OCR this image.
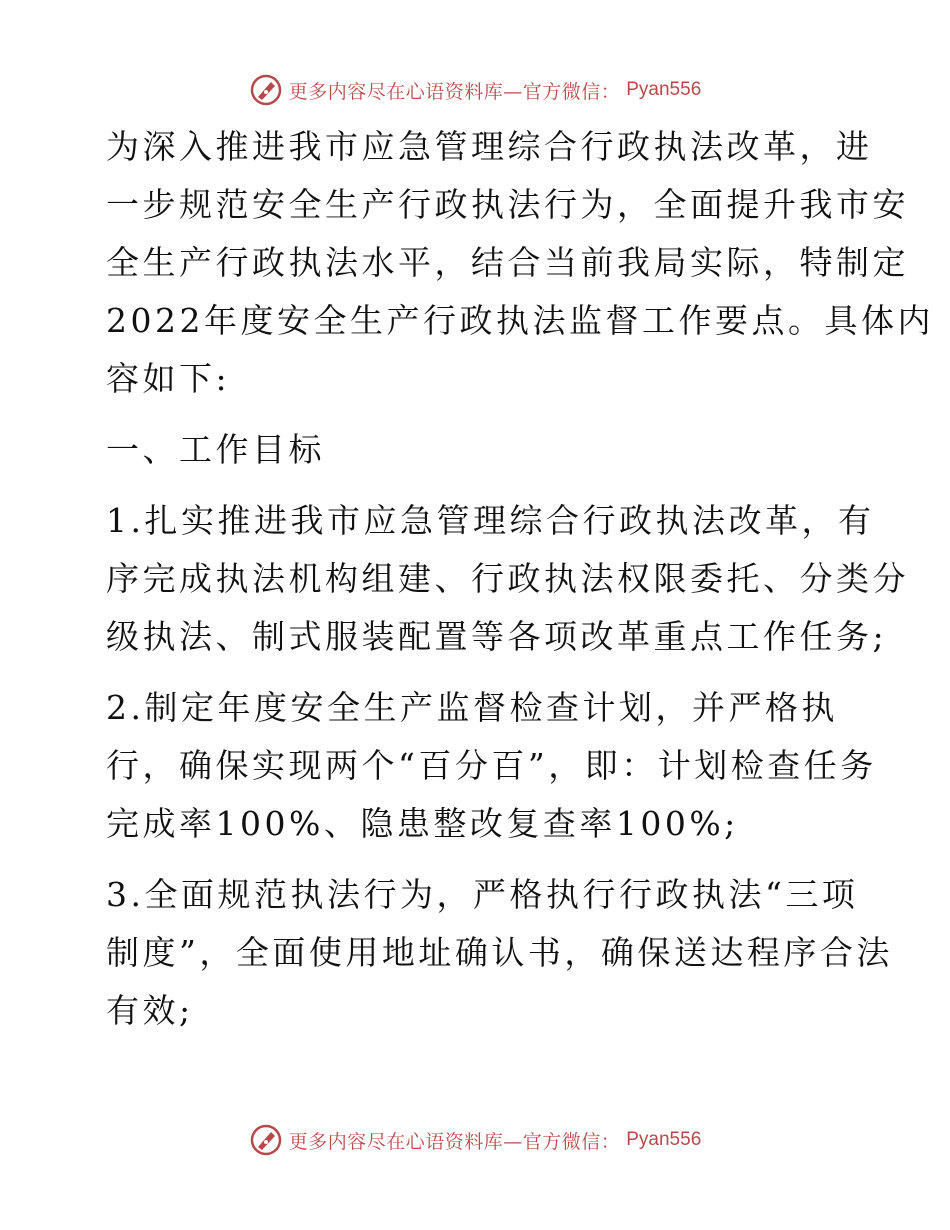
更多内容尽在心语资料库—官方微信： Pyan556

为深入推进我市应急管理综合行政执法改革，进
一步规范安全生产行政执法行为，全面提升我市安
全生产行政执法水平，结合当前我局实际，特制定
2022年度安全生产行政执法监督工作要点。具体内
容如下:

一、工作目标

1.扎实推进我市应急管理综合行政执法改革，有
序完成执法机构组建、行政执法权限委托、分类分
级执法、制式服装配置等各项改革重点工作任务;

2.制定年度安全生产监督检查计划，并严格执
行，确保实现两个“百分百”，即：计划检查任务
完成率100%、隐患整改复查率100%;

3.全面规范执法行为，严格执行行政执法“三项
制度”，全面使用地址确认书，确保送达程序合法
有效;

更多内容尽在心语资料库—官方微信： Pyan556
